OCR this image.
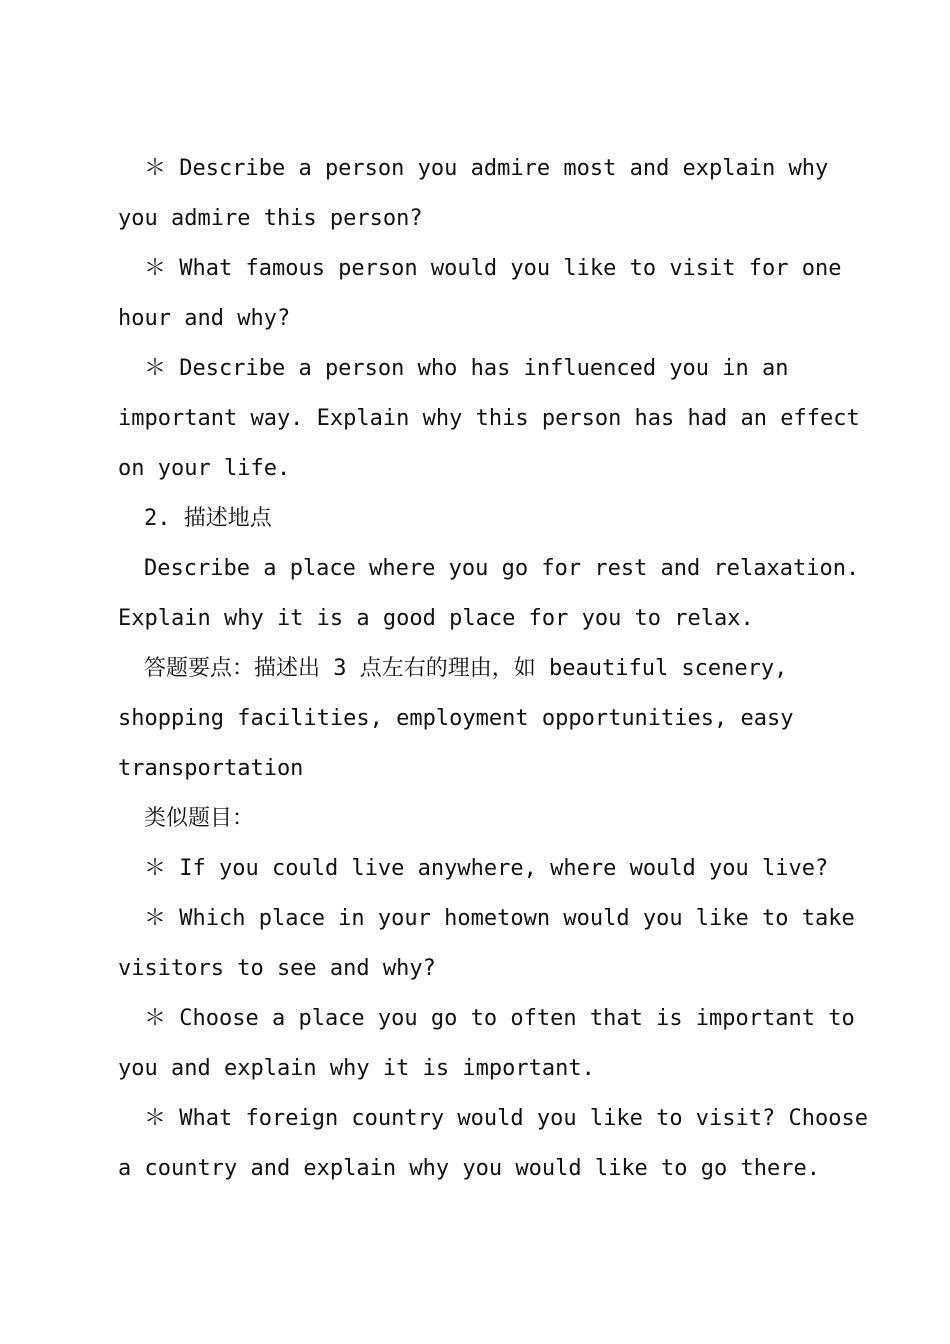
＊ Describe a person you admire most and explain why
you admire this person?

＊ What famous person would you like to visit for one
hour and why?

＊ Describe a person who has influenced you in an
important way. Explain why this person has had an effect
on your life.

2. 描述地点

Describe a place where you go for rest and relaxation.
Explain why it is a good place for you to relax.

答题要点：描述出 3 点左右的理由，如 beautiful scenery,
shopping facilities, employment opportunities, easy
transportation

类似题目：

＊ If you could live anywhere, where would you live?

＊ Which place in your hometown would you like to take
visitors to see and why?

＊ Choose a place you go to often that is important to
you and explain why it is important.

＊ What foreign country would you like to visit? Choose
a country and explain why you would like to go there.
